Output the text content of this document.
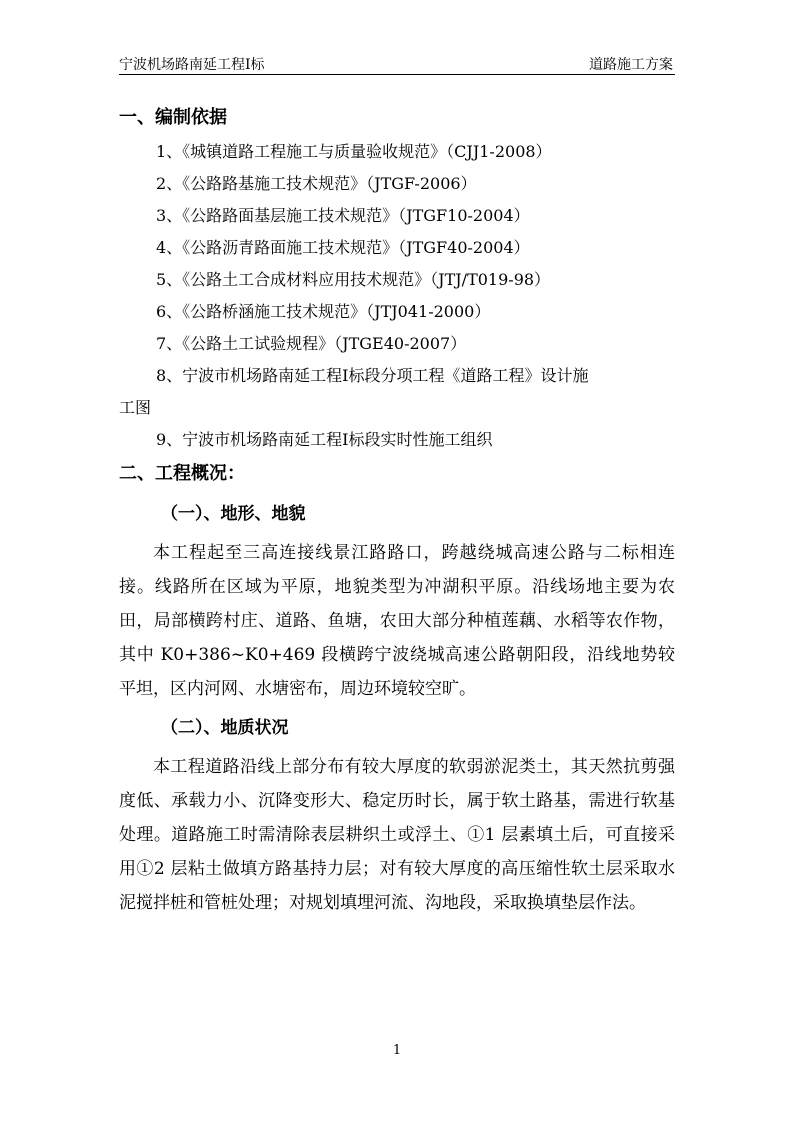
宁波机场路南延工程Ⅰ标	道路施工方案
一、编制依据
1、《城镇道路工程施工与质量验收规范》（CJJ1-2008）
2、《公路路基施工技术规范》（JTGF-2006）
3、《公路路面基层施工技术规范》（JTGF10-2004）
4、《公路沥青路面施工技术规范》（JTGF40-2004）
5、《公路土工合成材料应用技术规范》（JTJ/T019-98）
6、《公路桥涵施工技术规范》（JTJ041-2000）
7、《公路土工试验规程》（JTGE40-2007）
8、宁波市机场路南延工程Ⅰ标段分项工程《道路工程》设计施
工图
9、宁波市机场路南延工程Ⅰ标段实时性施工组织
二、工程概况：
（一）、地形、地貌

本工程起至三高连接线景江路路口，跨越绕城高速公路与二标相连接。线路所在区域为平原，地貌类型为冲湖积平原。沿线场地主要为农田，局部横跨村庄、道路、鱼塘，农田大部分种植莲藕、水稻等农作物，其中 K0+386~K0+469 段横跨宁波绕城高速公路朝阳段，沿线地势较平坦，区内河网、水塘密布，周边环境较空旷。

（二）、地质状况

本工程道路沿线上部分布有较大厚度的软弱淤泥类土，其天然抗剪强度低、承载力小、沉降变形大、稳定历时长，属于软土路基，需进行软基处理。道路施工时需清除表层耕织土或浮土、①1 层素填土后，可直接采用①2 层粘土做填方路基持力层；对有较大厚度的高压缩性软土层采取水泥搅拌桩和管桩处理；对规划填埋河流、沟地段，采取换填垫层作法。

1
